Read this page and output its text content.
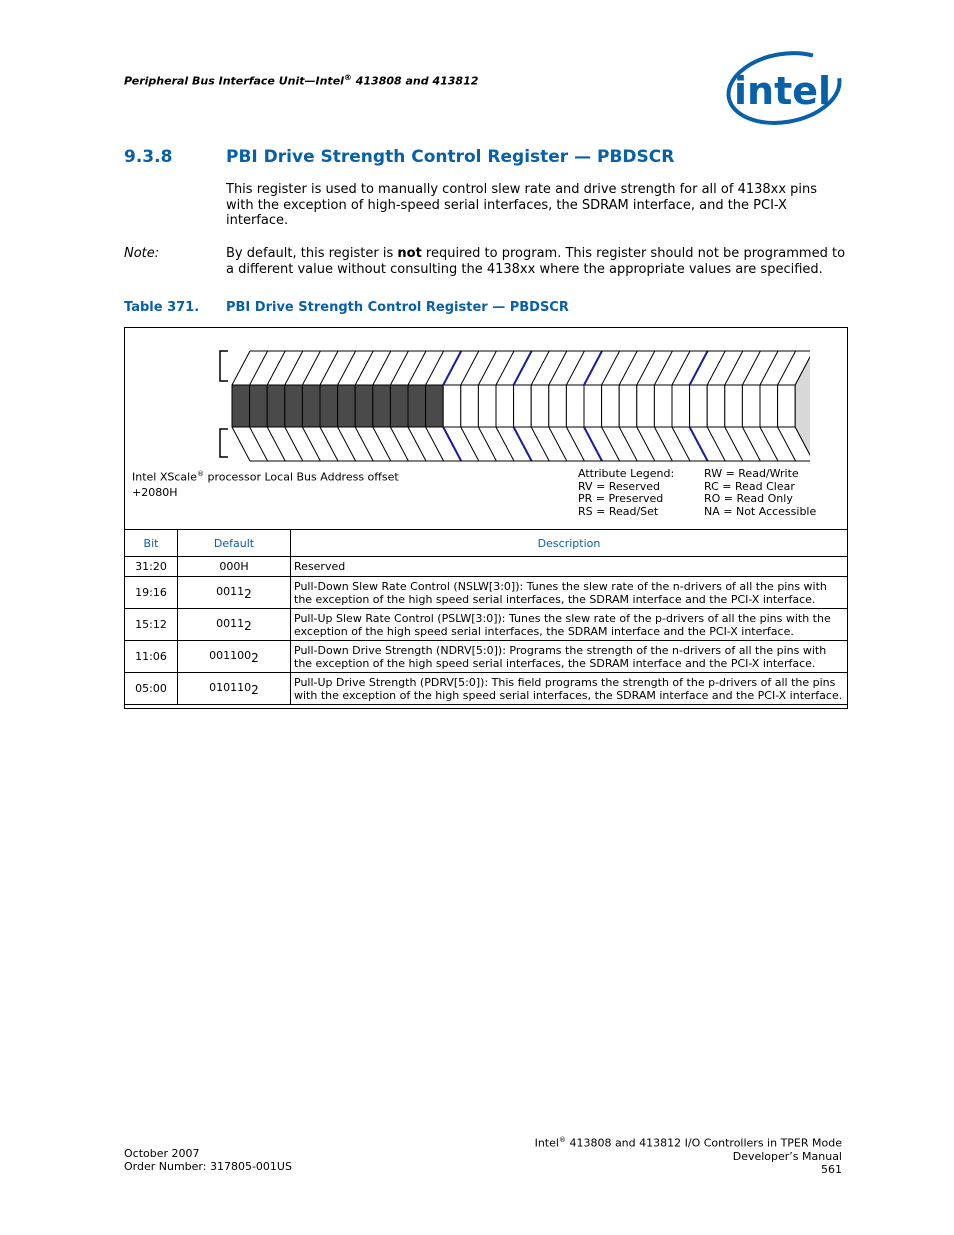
Peripheral Bus Interface Unit—Intel® 413808 and 413812	intel
9.3.8	PBI Drive Strength Control Register — PBDSCR
This register is used to manually control slew rate and drive strength for all of 4138xx pins with the exception of high-speed serial interfaces, the SDRAM interface, and the PCI-X interface.
Note:	By default, this register is not required to program. This register should not be programmed to a different value without consulting the 4138xx where the appropriate values are specified.
Table 371. PBI Drive Strength Control Register — PBDSCR
Intel XScale® processor Local Bus Address offset
+2080H
Attribute Legend:
RV = Reserved
PR = Preserved
RS = Read/Set
RW = Read/Write
RC = Read Clear
RO = Read Only
NA = Not Accessible
Bit	Default	Description
31:20	000H	Reserved
19:16	$0011_2$	Pull-Down Slew Rate Control (NSLW[3:0]): Tunes the slew rate of the n-drivers of all the pins with the exception of the high speed serial interfaces, the SDRAM interface and the PCI-X interface.
15:12	$0011_2$	Pull-Up Slew Rate Control (PSLW[3:0]): Tunes the slew rate of the p-drivers of all the pins with the exception of the high speed serial interfaces, the SDRAM interface and the PCI-X interface.
11:06	$001100_2$	Pull-Down Drive Strength (NDRV[5:0]): Programs the strength of the n-drivers of all the pins with the exception of the high speed serial interfaces, the SDRAM interface and the PCI-X interface.
05:00	$010110_2$	Pull-Up Drive Strength (PDRV[5:0]): This field programs the strength of the p-drivers of all the pins with the exception of the high speed serial interfaces, the SDRAM interface and the PCI-X interface.
October 2007
Order Number: 317805-001US
Intel® 413808 and 413812 I/O Controllers in TPER Mode
Developer’s Manual
561
